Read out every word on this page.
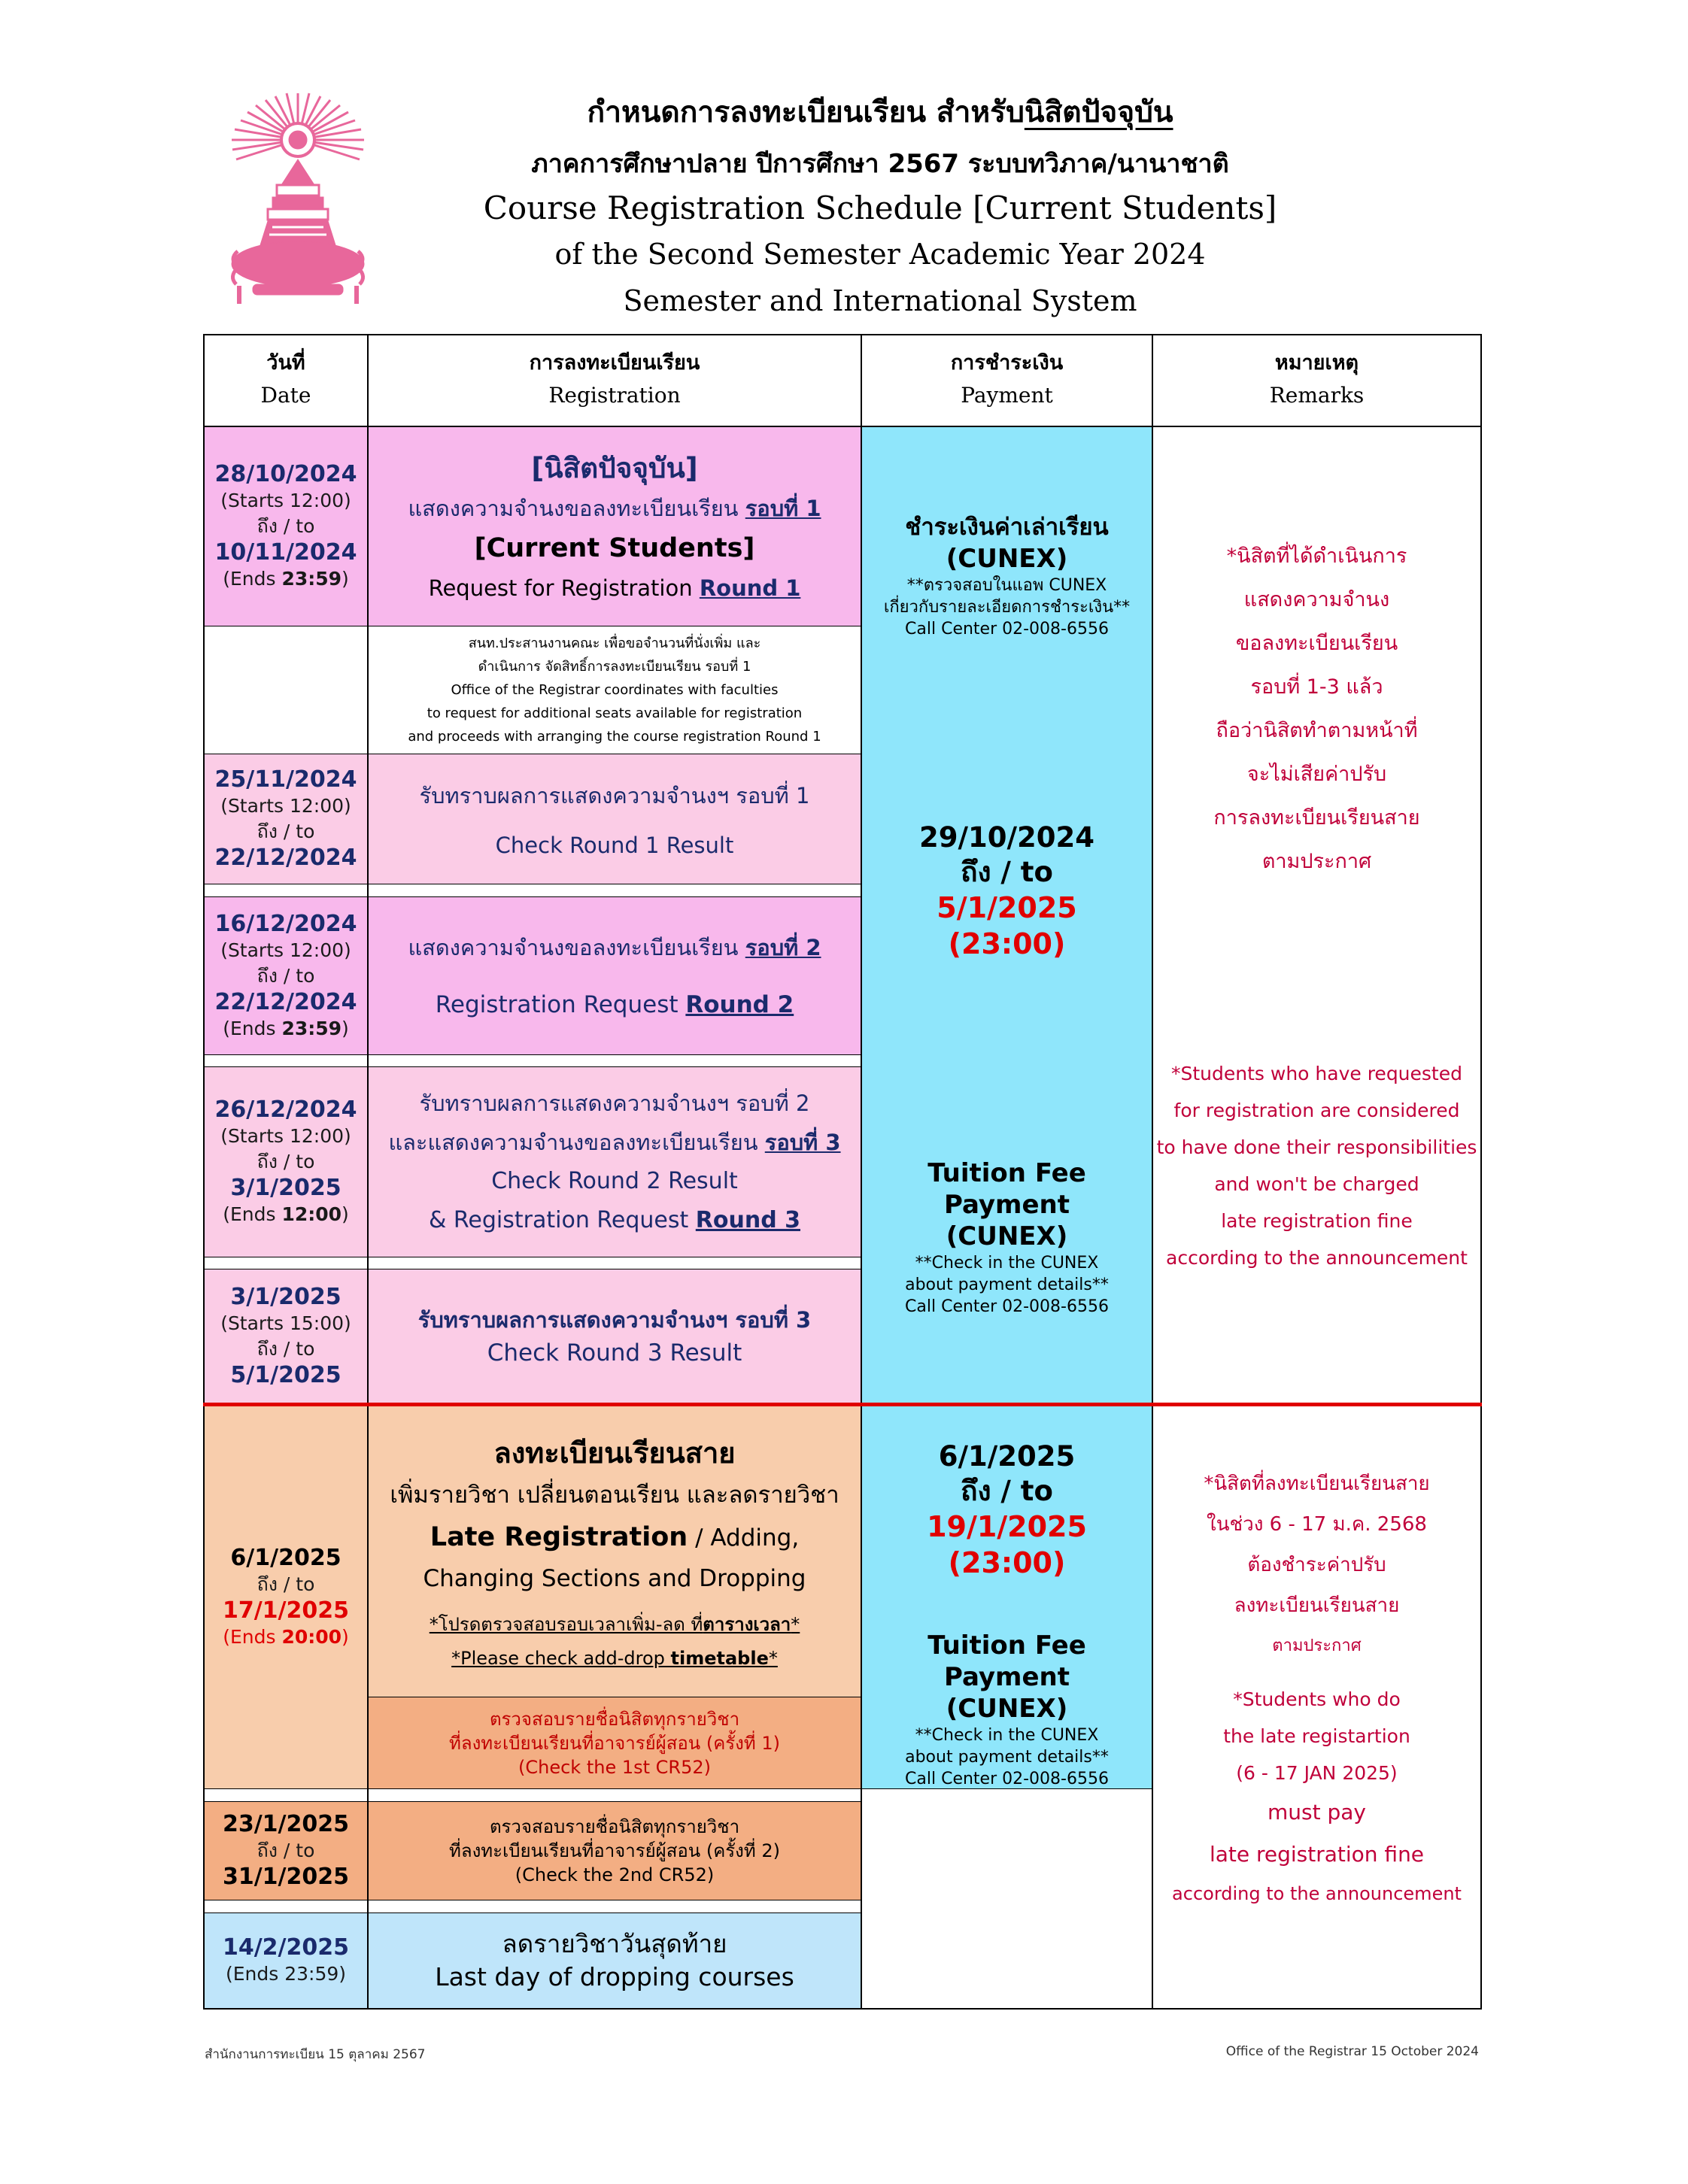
กำหนดการลงทะเบียนเรียน สำหรับนิสิตปัจจุบัน
ภาคการศึกษาปลาย ปีการศึกษา 2567 ระบบทวิภาค/นานาชาติ
Course Registration Schedule [Current Students]
of the Second Semester Academic Year 2024
Semester and International System
วันที่
Date
การลงทะเบียนเรียน
Registration
การชำระเงิน
Payment
หมายเหตุ
Remarks
28/10/2024
(Starts 12:00)
ถึง / to
10/11/2024
(Ends 23:59)
[นิสิตปัจจุบัน]
แสดงความจำนงขอลงทะเบียนเรียน รอบที่ 1
[Current Students]
Request for Registration Round 1
สนท.ประสานงานคณะ เพื่อขอจำนวนที่นั่งเพิ่ม และ
ดำเนินการ จัดสิทธิ์การลงทะเบียนเรียน รอบที่ 1
Office of the Registrar coordinates with faculties
to request for additional seats available for registration
and proceeds with arranging the course registration Round 1
25/11/2024
(Starts 12:00)
ถึง / to
22/12/2024
รับทราบผลการแสดงความจำนงฯ รอบที่ 1
Check Round 1 Result
16/12/2024
(Starts 12:00)
ถึง / to
22/12/2024
(Ends 23:59)
แสดงความจำนงขอลงทะเบียนเรียน รอบที่ 2
Registration Request Round 2
26/12/2024
(Starts 12:00)
ถึง / to
3/1/2025
(Ends 12:00)
รับทราบผลการแสดงความจำนงฯ รอบที่ 2
และแสดงความจำนงขอลงทะเบียนเรียน รอบที่ 3
Check Round 2 Result
& Registration Request Round 3
3/1/2025
(Starts 15:00)
ถึง / to
5/1/2025
รับทราบผลการแสดงความจำนงฯ รอบที่ 3
Check Round 3 Result
6/1/2025
ถึง / to
17/1/2025
(Ends 20:00)
ลงทะเบียนเรียนสาย
เพิ่มรายวิชา เปลี่ยนตอนเรียน และลดรายวิชา
Late Registration / Adding,
Changing Sections and Dropping
*โปรดตรวจสอบรอบเวลาเพิ่ม-ลด ที่ตารางเวลา*
*Please check add-drop timetable*
ตรวจสอบรายชื่อนิสิตทุกรายวิชา
ที่ลงทะเบียนเรียนที่อาจารย์ผู้สอน (ครั้งที่ 1)
(Check the 1st CR52)
23/1/2025
ถึง / to
31/1/2025
ตรวจสอบรายชื่อนิสิตทุกรายวิชา
ที่ลงทะเบียนเรียนที่อาจารย์ผู้สอน (ครั้งที่ 2)
(Check the 2nd CR52)
14/2/2025
(Ends 23:59)
ลดรายวิชาวันสุดท้าย
Last day of dropping courses
ชำระเงินค่าเล่าเรียน
(CUNEX)
**ตรวจสอบในแอพ CUNEX
เกี่ยวกับรายละเอียดการชำระเงิน**
Call Center 02-008-6556
29/10/2024
ถึง / to
5/1/2025
(23:00)
Tuition Fee Payment
(CUNEX)
**Check in the CUNEX
about payment details**
Call Center 02-008-6556
6/1/2025
ถึง / to
19/1/2025
(23:00)
Tuition Fee Payment
(CUNEX)
**Check in the CUNEX
about payment details**
Call Center 02-008-6556
*นิสิตที่ได้ดำเนินการ
แสดงความจำนง
ขอลงทะเบียนเรียน
รอบที่ 1-3 แล้ว
ถือว่านิสิตทำตามหน้าที่
จะไม่เสียค่าปรับ
การลงทะเบียนเรียนสาย
ตามประกาศ
*Students who have requested
for registration are considered
to have done their responsibilities
and won't be charged
late registration fine
according to the announcement
*นิสิตที่ลงทะเบียนเรียนสาย
ในช่วง 6 - 17 ม.ค. 2568
ต้องชำระค่าปรับ
ลงทะเบียนเรียนสาย
ตามประกาศ
*Students who do
the late registartion
(6 - 17 JAN 2025)
must pay
late registration fine
according to the announcement
สำนักงานการทะเบียน 15 ตุลาคม 2567	Office of the Registrar 15 October 2024
